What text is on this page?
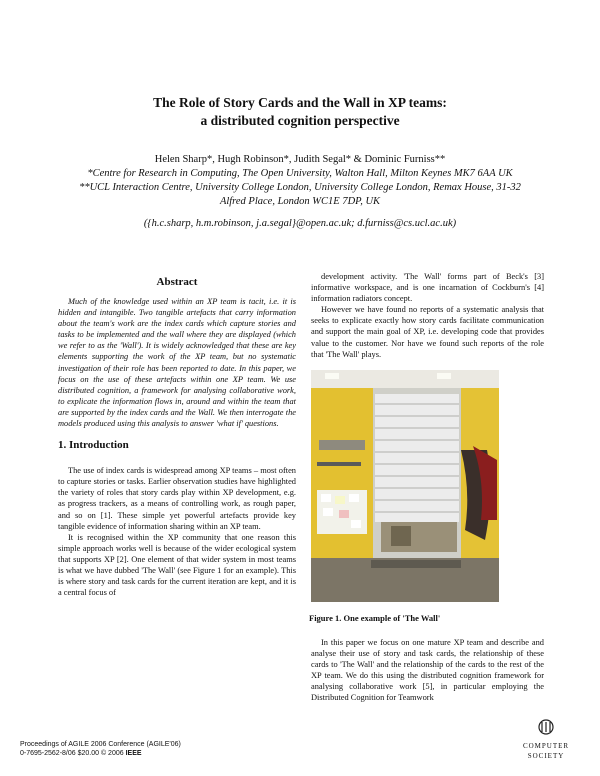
The Role of Story Cards and the Wall in XP teams:
a distributed cognition perspective
Helen Sharp*, Hugh Robinson*, Judith Segal* & Dominic Furniss**
*Centre for Research in Computing, The Open University, Walton Hall, Milton Keynes MK7 6AA UK
**UCL Interaction Centre, University College London, University College London, Remax House, 31-32 Alfred Place, London WC1E 7DP, UK
({h.c.sharp, h.m.robinson, j.a.segal}@open.ac.uk; d.furniss@cs.ucl.ac.uk)
Abstract

Much of the knowledge used within an XP team is tacit, i.e. it is hidden and intangible. Two tangible artefacts that carry information about the team's work are the index cards which capture stories and tasks to be implemented and the wall where they are displayed (which we refer to as the 'Wall'). It is widely acknowledged that these are key elements supporting the work of the XP team, but no systematic investigation of their role has been reported to date. In this paper, we focus on the use of these artefacts within one XP team. We use distributed cognition, a framework for analysing collaborative work, to explicate the information flows in, around and within the team that are supported by the index cards and the Wall. We then interrogate the models produced using this analysis to answer 'what if' questions.

1. Introduction

The use of index cards is widespread among XP teams – most often to capture stories or tasks. Earlier observation studies have highlighted the variety of roles that story cards play within XP development, e.g. as progress trackers, as a means of controlling work, as rough paper, and so on [1]. These simple yet powerful artefacts provide key tangible evidence of information sharing within an XP team.

It is recognised within the XP community that one reason this simple approach works well is because of the wider ecological system that supports XP [2]. One element of that wider system in most teams is what we have dubbed 'The Wall' (see Figure 1 for an example). This is where story and task cards for the current iteration are kept, and it is a central focus of

development activity. 'The Wall' forms part of Beck's [3] informative workspace, and is one incarnation of Cockburn's [4] information radiators concept.

However we have found no reports of a systematic analysis that seeks to explicate exactly how story cards facilitate communication and support the main goal of XP, i.e. developing code that provides value to the customer. Nor have we found such reports of the role that 'The Wall' plays.

Figure 1. One example of 'The Wall'

In this paper we focus on one mature XP team and describe and analyse their use of story and task cards, the relationship of these cards to 'The Wall' and the relationship of the cards to the rest of the XP team. We do this using the distributed cognition framework for analysing collaborative work [5], in particular employing the Distributed Cognition for Teamwork

Proceedings of AGILE 2006 Conference (AGILE'06)
0-7695-2562-8/06 $20.00 © 2006 IEEE
COMPUTER
SOCIETY
